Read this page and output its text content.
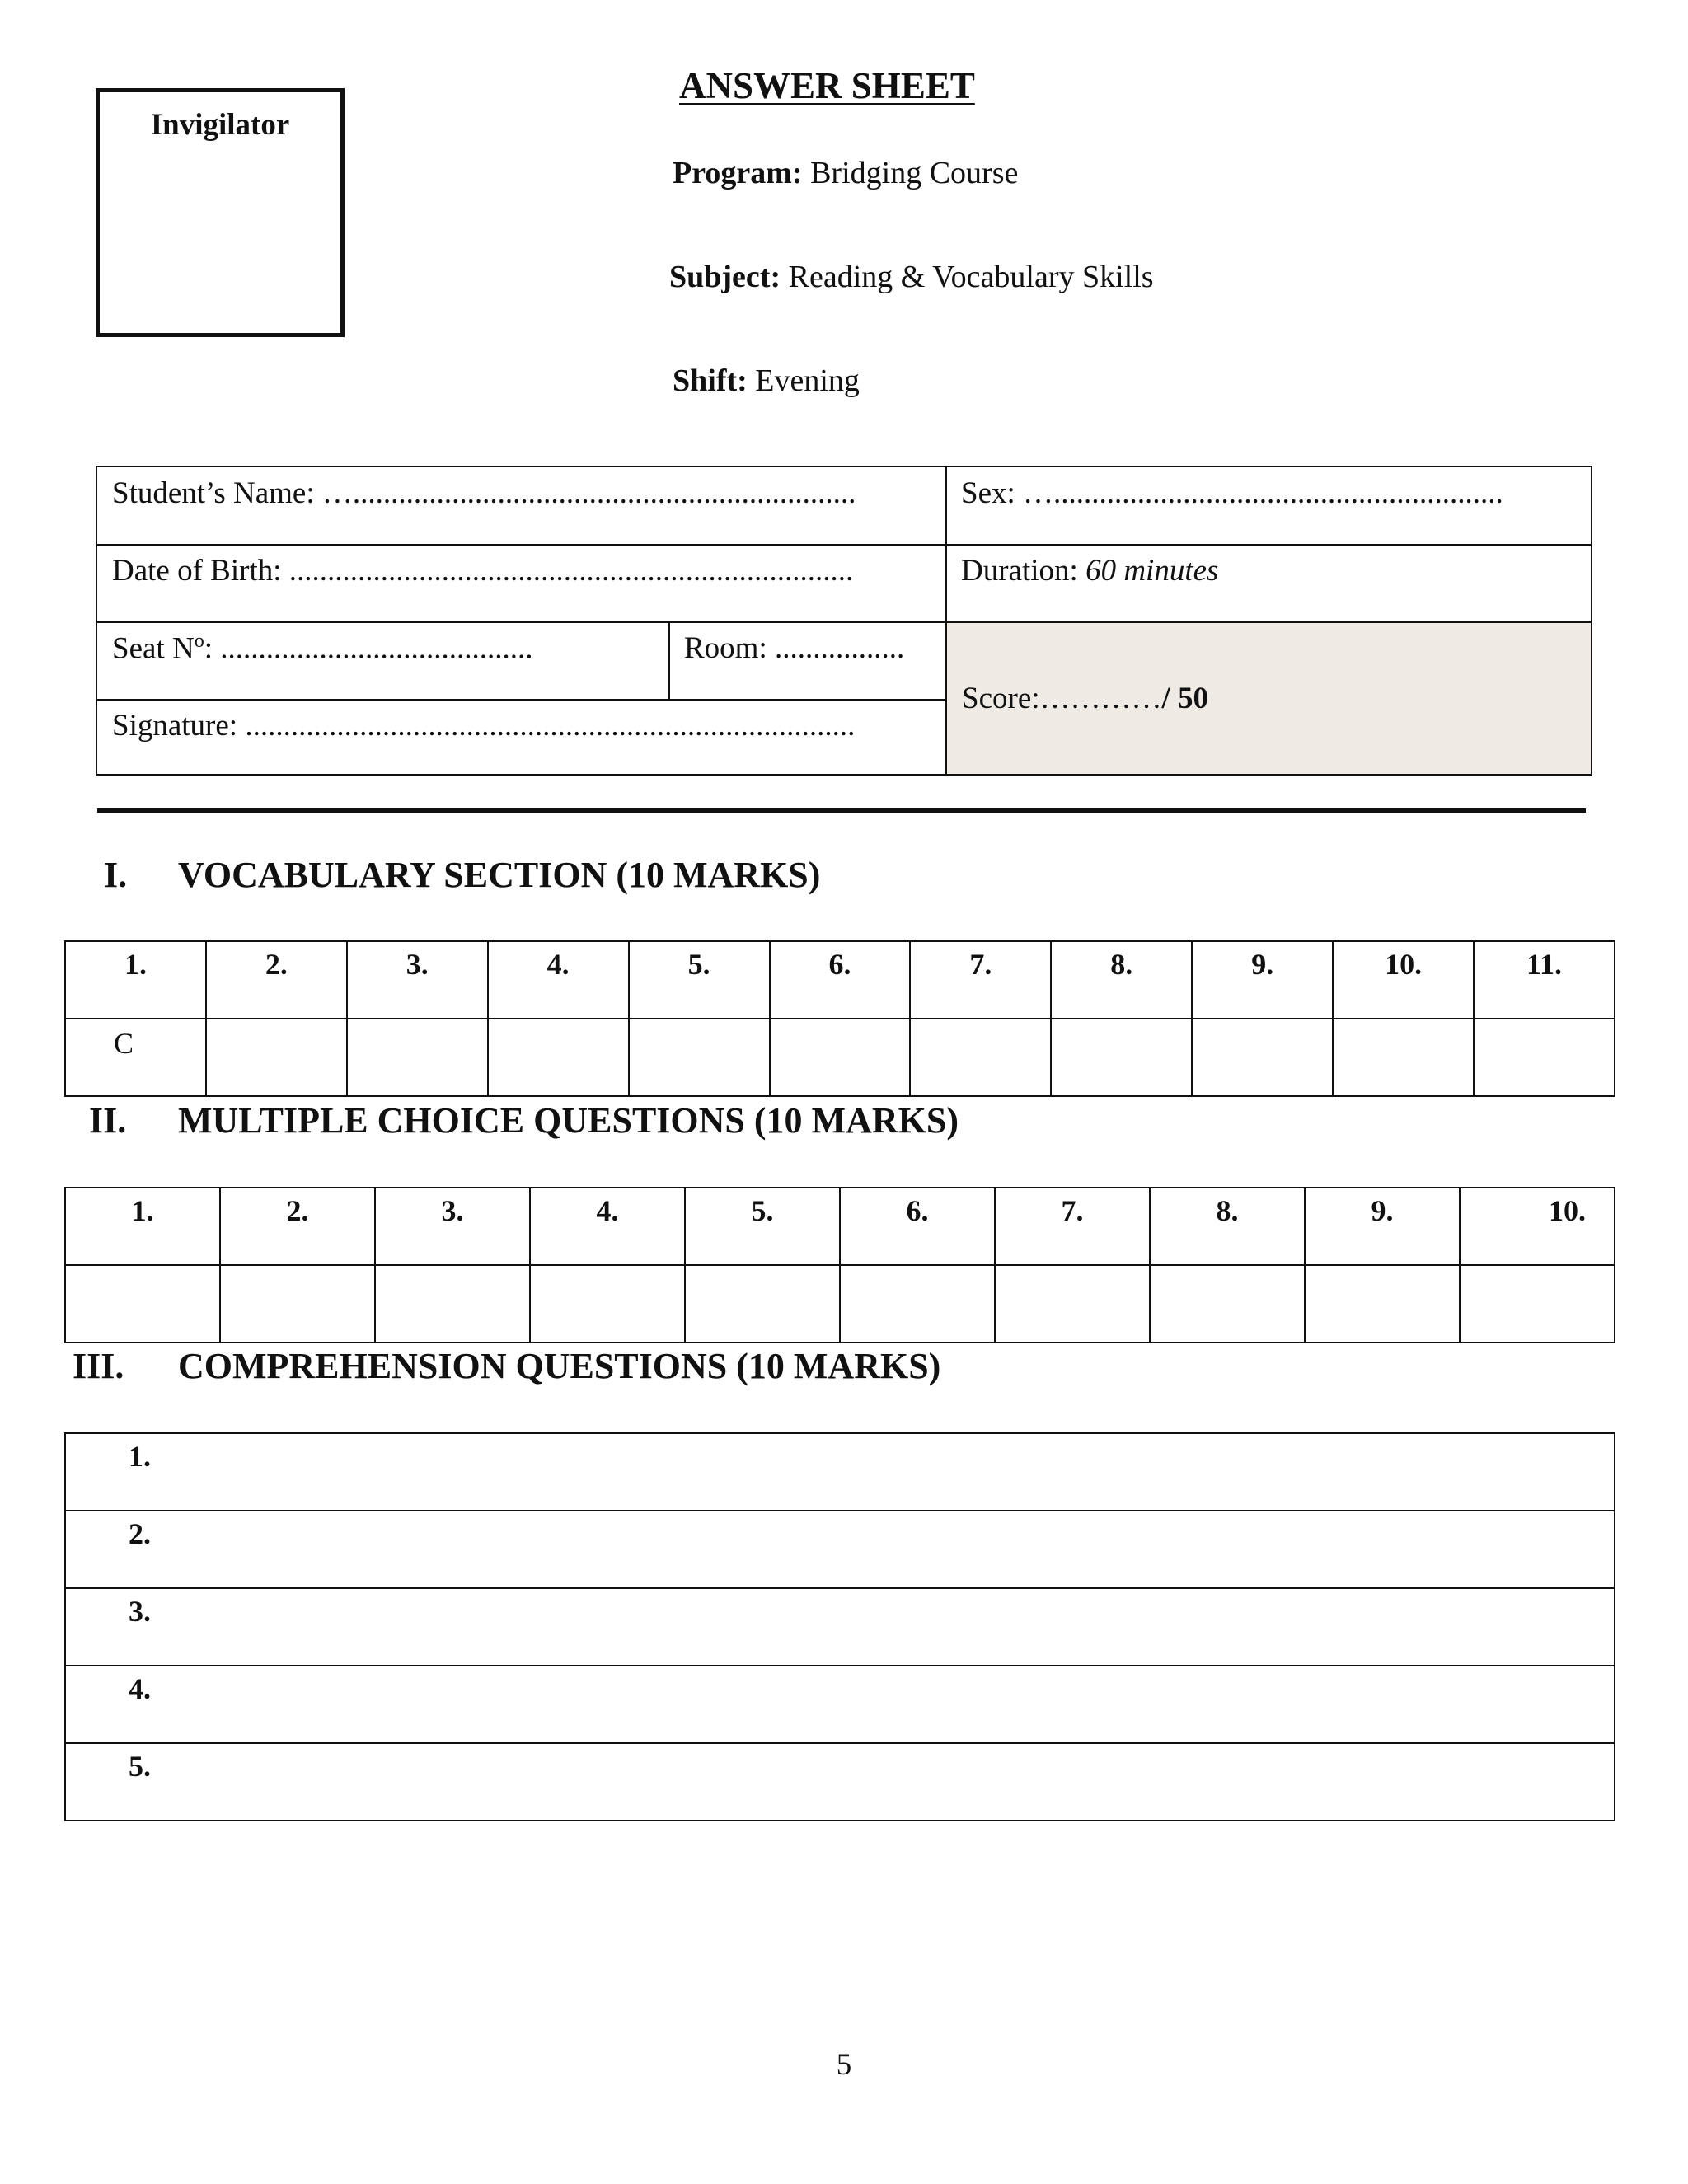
Invigilator
ANSWER SHEET
Program: Bridging Course
Subject: Reading & Vocabulary Skills
Shift: Evening
Student’s Name: …..................................................................	Sex: …...........................................................
Date of Birth: ..........................................................................	Duration: 60 minutes
Seat $N^o$: .........................................	Room: .................
Signature: ................................................................................
Score:………… / 50
I. VOCABULARY SECTION (10 MARKS)
1.	2.	3.	4.	5.	6.	7.	8.	9.	10.	11.
C										
II. MULTIPLE CHOICE QUESTIONS (10 MARKS)
1.	2.	3.	4.	5.	6.	7.	8.	9.	10.

III. COMPREHENSION QUESTIONS (10 MARKS)
1.
2.
3.
4.
5.
5
